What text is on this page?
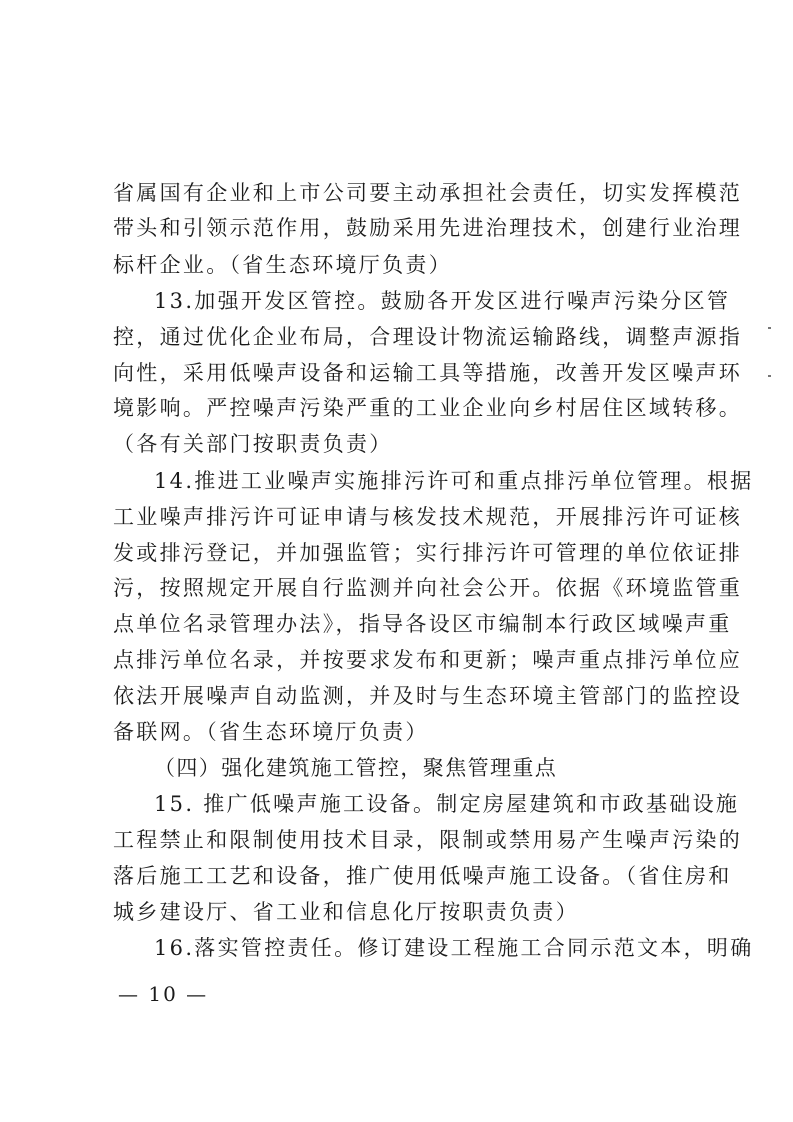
省属国有企业和上市公司要主动承担社会责任，切实发挥模范
带头和引领示范作用，鼓励采用先进治理技术，创建行业治理
标杆企业。（省生态环境厅负责）
13.加强开发区管控。鼓励各开发区进行噪声污染分区管
控，通过优化企业布局，合理设计物流运输路线，调整声源指
向性，采用低噪声设备和运输工具等措施，改善开发区噪声环
境影响。严控噪声污染严重的工业企业向乡村居住区域转移。
（各有关部门按职责负责）
14.推进工业噪声实施排污许可和重点排污单位管理。根据
工业噪声排污许可证申请与核发技术规范，开展排污许可证核
发或排污登记，并加强监管；实行排污许可管理的单位依证排
污，按照规定开展自行监测并向社会公开。依据《环境监管重
点单位名录管理办法》，指导各设区市编制本行政区域噪声重
点排污单位名录，并按要求发布和更新；噪声重点排污单位应
依法开展噪声自动监测，并及时与生态环境主管部门的监控设
备联网。（省生态环境厅负责）
（四）强化建筑施工管控，聚焦管理重点
15. 推广低噪声施工设备。制定房屋建筑和市政基础设施
工程禁止和限制使用技术目录，限制或禁用易产生噪声污染的
落后施工工艺和设备，推广使用低噪声施工设备。（省住房和
城乡建设厅、省工业和信息化厅按职责负责）
16.落实管控责任。修订建设工程施工合同示范文本，明确
— 10 —
